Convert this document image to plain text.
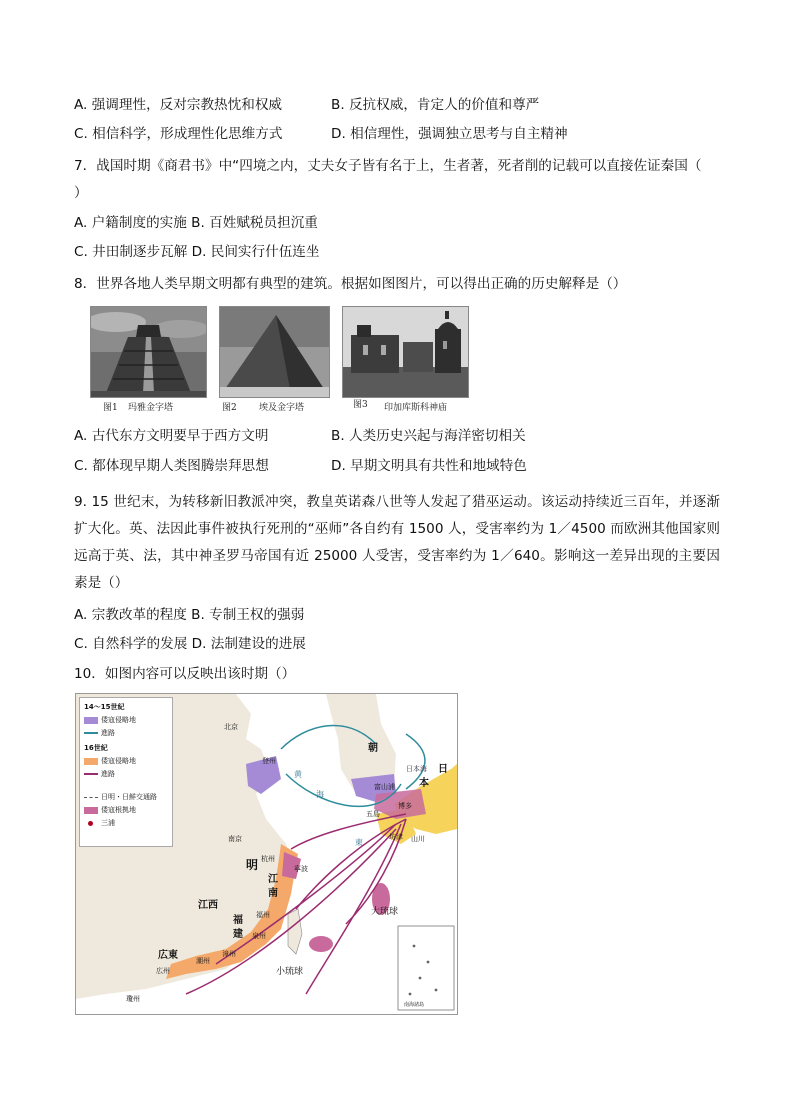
A. 强调理性，反对宗教热忱和权威	B. 反抗权威，肯定人的价值和尊严
C. 相信科学，形成理性化思维方式	D. 相信理性，强调独立思考与自主精神
7．战国时期《商君书》中“四境之内，丈夫女子皆有名于上，生者著，死者削的记载可以直接佐证秦国（
）
A. 户籍制度的实施 B. 百姓赋税员担沉重
C. 井田制逐步瓦解 D. 民间实行什伍连坐
8．世界各地人类早期文明都有典型的建筑。根据如图图片，可以得出正确的历史解释是（）
图1 玛雅金字塔	图2 埃及金字塔	图3 印加库斯科神庙
A. 古代东方文明要早于西方文明	B. 人类历史兴起与海洋密切相关
C. 都体现早期人类图腾崇拜思想	D. 早期文明具有共性和地域特色
9. 15 世纪末，为转移新旧教派冲突，教皇英诺森八世等人发起了猎巫运动。该运动持续近三百年，并逐渐扩大化。英、法因此事件被执行死刑的“巫师”各自约有 1500 人，受害率约为 1／4500 而欧洲其他国家则远高于英、法，其中神圣罗马帝国有近 25000 人受害，受害率约为 1／640。影响这一差异出现的主要因素是（）
A. 宗教改革的程度 B. 专制王权的强弱
C. 自然科学的发展 D. 法制建设的进展
10．如图内容可以反映出该时期（）
14～15世紀
倭寇侵略地
進路
16世紀
倭寇侵略地
進路
日明・日鮮交通路
倭寇根拠地
三浦
北京
朝
日本海
本
日
登州
黄
海
東
五島
博多
山川
坊津
富山浦
南京
明 杭州
寧波
江
南
江西
福
建
福州
泉州
漳州
潮州
広東
広州
瓊州
大琉球
小琉球
南海諸島
